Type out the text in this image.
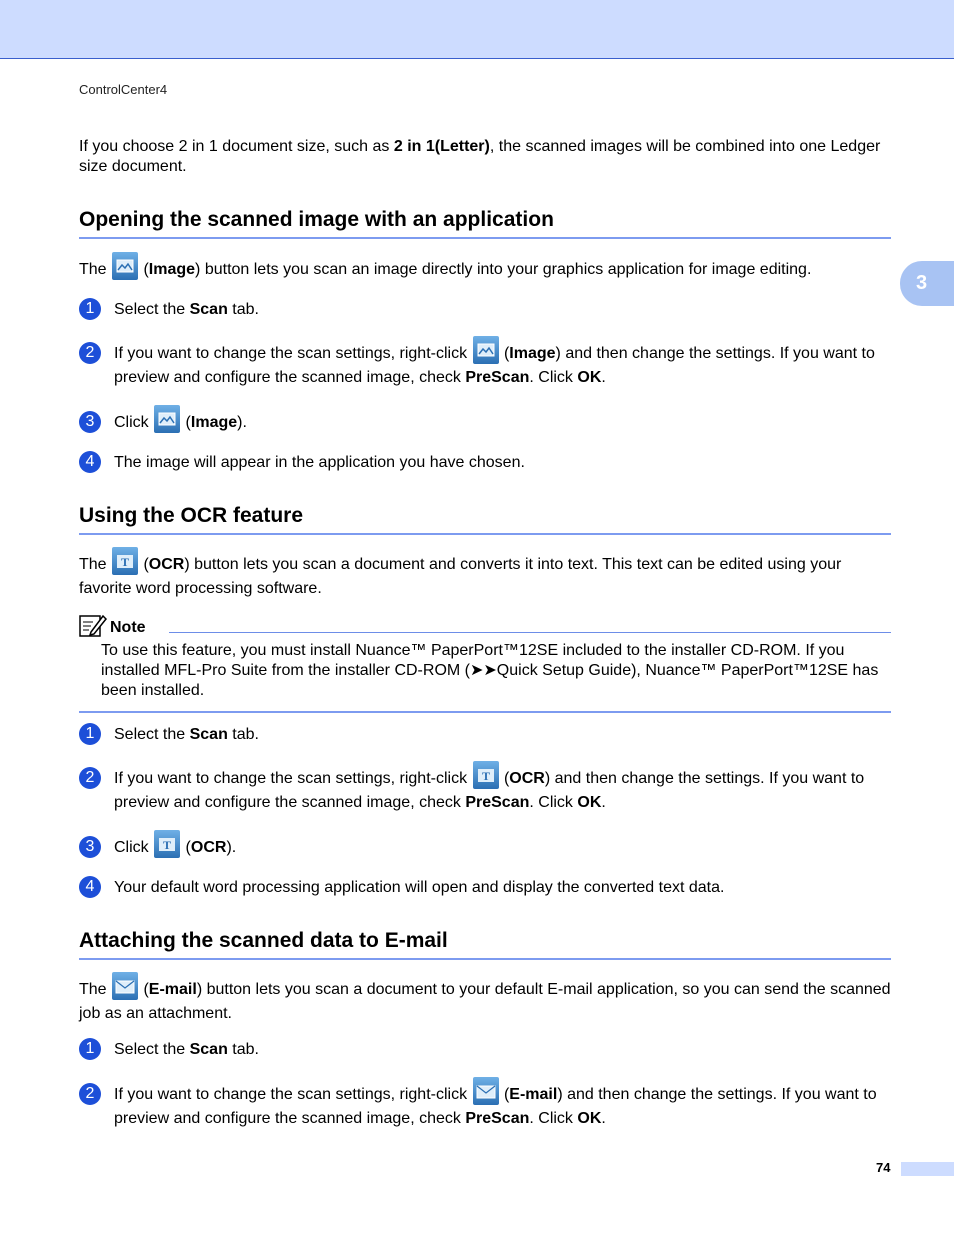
ControlCenter4
3
If you choose 2 in 1 document size, such as 2 in 1(Letter), the scanned images will be combined into one Ledger size document.
Opening the scanned image with an application
The
(Image) button lets you scan an image directly into your graphics application for image editing.
1	Select the Scan tab.
2	If you want to change the scan settings, right-click
(Image) and then change the settings. If you want to preview and configure the scanned image, check PreScan. Click OK.
3	Click
(Image).
4	The image will appear in the application you have chosen.
Using the OCR feature
The T (OCR) button lets you scan a document and converts it into text. This text can be edited using your favorite word processing software.
Note
To use this feature, you must install Nuance™ PaperPort™12SE included to the installer CD-ROM. If you installed MFL-Pro Suite from the installer CD-ROM (➤➤Quick Setup Guide), Nuance™ PaperPort™12SE has been installed.
1	Select the Scan tab.
2	If you want to change the scan settings, right-click T (OCR) and then change the settings. If you want to preview and configure the scanned image, check PreScan. Click OK.
3	Click T (OCR).
4	Your default word processing application will open and display the converted text data.
Attaching the scanned data to E-mail
The
(E-mail) button lets you scan a document to your default E-mail application, so you can send the scanned job as an attachment.
1	Select the Scan tab.
2	If you want to change the scan settings, right-click
(E-mail) and then change the settings. If you want to preview and configure the scanned image, check PreScan. Click OK.
74
